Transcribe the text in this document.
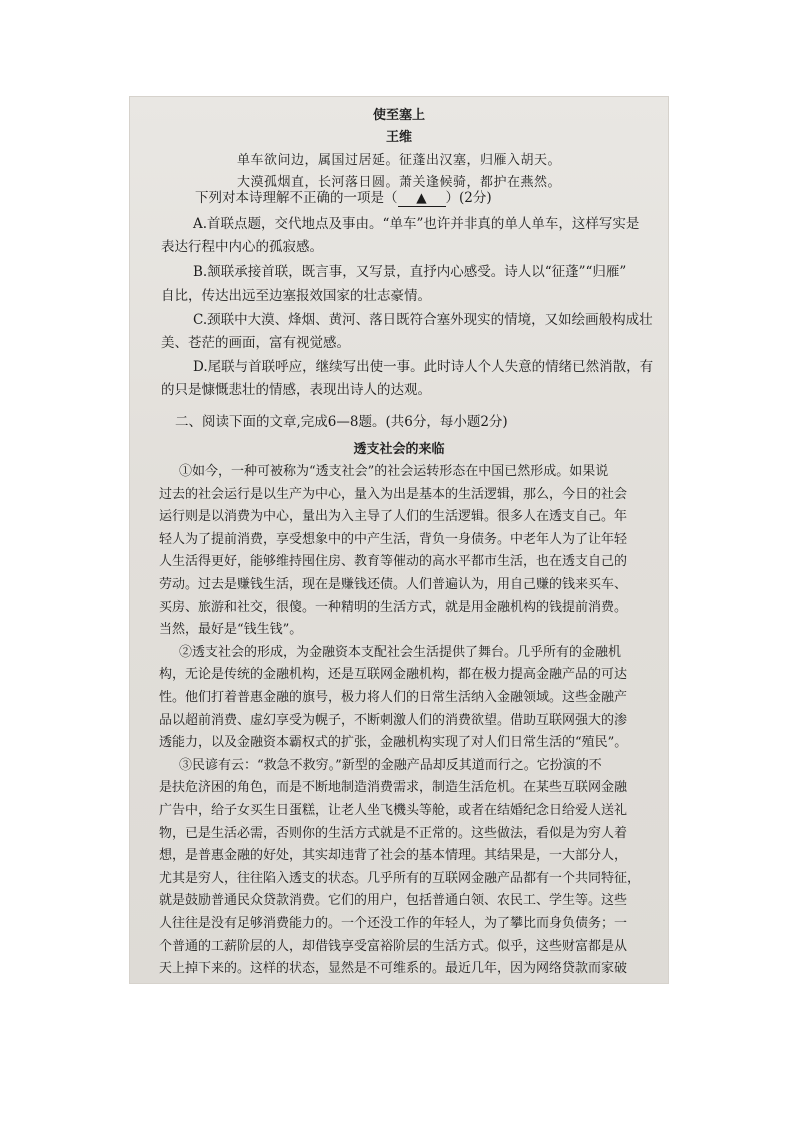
使至塞上
王维
单车欲问边，属国过居延。征蓬出汉塞，归雁入胡天。
大漠孤烟直，长河落日圆。萧关逢候骑，都护在燕然。
下列对本诗理解不正确的一项是（ ▲ ）(2分)
A.首联点题，交代地点及事由。“单车”也许并非真的单人单车，这样写实是
表达行程中内心的孤寂感。
B.颔联承接首联，既言事，又写景，直抒内心感受。诗人以“征蓬”“归雁”
自比，传达出远至边塞报效国家的壮志豪情。
C.颈联中大漠、烽烟、黄河、落日既符合塞外现实的情境，又如绘画般构成壮
美、苍茫的画面，富有视觉感。
D.尾联与首联呼应，继续写出使一事。此时诗人个人失意的情绪已然消散，有
的只是慷慨悲壮的情感，表现出诗人的达观。
二、阅读下面的文章,完成6—8题。(共6分，每小题2分)
透支社会的来临
①如今，一种可被称为“透支社会”的社会运转形态在中国已然形成。如果说
过去的社会运行是以生产为中心，量入为出是基本的生活逻辑，那么，今日的社会
运行则是以消费为中心，量出为入主导了人们的生活逻辑。很多人在透支自己。年
轻人为了提前消费，享受想象中的中产生活，背负一身债务。中老年人为了让年轻
人生活得更好，能够维持囤住房、教育等催动的高水平都市生活，也在透支自己的
劳动。过去是赚钱生活，现在是赚钱还债。人们普遍认为，用自己赚的钱来买车、
买房、旅游和社交，很傻。一种精明的生活方式，就是用金融机构的钱提前消费。
当然，最好是“钱生钱”。
②透支社会的形成，为金融资本支配社会生活提供了舞台。几乎所有的金融机
构，无论是传统的金融机构，还是互联网金融机构，都在极力提高金融产品的可达
性。他们打着普惠金融的旗号，极力将人们的日常生活纳入金融领域。这些金融产
品以超前消费、虚幻享受为幌子，不断刺激人们的消费欲望。借助互联网强大的渗
透能力，以及金融资本霸权式的扩张，金融机构实现了对人们日常生活的“殖民”。
③民谚有云：“救急不救穷。”新型的金融产品却反其道而行之。它扮演的不
是扶危济困的角色，而是不断地制造消费需求，制造生活危机。在某些互联网金融
广告中，给子女买生日蛋糕，让老人坐飞機头等舱，或者在结婚纪念日给爱人送礼
物，已是生活必需，否则你的生活方式就是不正常的。这些做法，看似是为穷人着
想，是普惠金融的好处，其实却违背了社会的基本情理。其结果是，一大部分人，
尤其是穷人，往往陷入透支的状态。几乎所有的互联网金融产品都有一个共同特征，
就是鼓励普通民众贷款消费。它们的用户，包括普通白领、农民工、学生等。这些
人往往是没有足够消费能力的。一个还没工作的年轻人，为了攀比而身负债务；一
个普通的工薪阶层的人，却借钱享受富裕阶层的生活方式。似乎，这些财富都是从
天上掉下来的。这样的状态，显然是不可维系的。最近几年，因为网络贷款而家破
